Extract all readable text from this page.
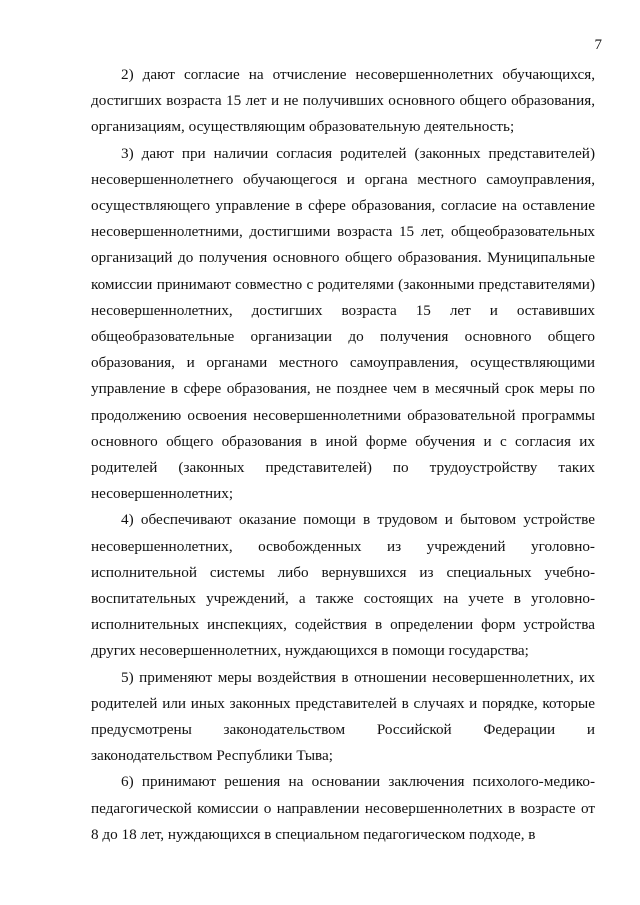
7

2) дают согласие на отчисление несовершеннолетних обучающихся, достигших возраста 15 лет и не получивших основного общего образования, организациям, осуществляющим образовательную деятельность;

3) дают при наличии согласия родителей (законных представителей) несовершеннолетнего обучающегося и органа местного самоуправления, осуществляющего управление в сфере образования, согласие на оставление несовершеннолетними, достигшими возраста 15 лет, общеобразовательных организаций до получения основного общего образования. Муниципальные комиссии принимают совместно с родителями (законными представителями) несовершеннолетних, достигших возраста 15 лет и оставивших общеобразовательные организации до получения основного общего образования, и органами местного самоуправления, осуществляющими управление в сфере образования, не позднее чем в месячный срок меры по продолжению освоения несовершеннолетними образовательной программы основного общего образования в иной форме обучения и с согласия их родителей (законных представителей) по трудоустройству таких несовершеннолетних;

4) обеспечивают оказание помощи в трудовом и бытовом устройстве несовершеннолетних, освобожденных из учреждений уголовно-исполнительной системы либо вернувшихся из специальных учебно-воспитательных учреждений, а также состоящих на учете в уголовно-исполнительных инспекциях, содействия в определении форм устройства других несовершеннолетних, нуждающихся в помощи государства;

5) применяют меры воздействия в отношении несовершеннолетних, их родителей или иных законных представителей в случаях и порядке, которые предусмотрены законодательством Российской Федерации и законодательством Республики Тыва;

6) принимают решения на основании заключения психолого-медико-педагогической комиссии о направлении несовершеннолетних в возрасте от 8 до 18 лет, нуждающихся в специальном педагогическом подходе, в
